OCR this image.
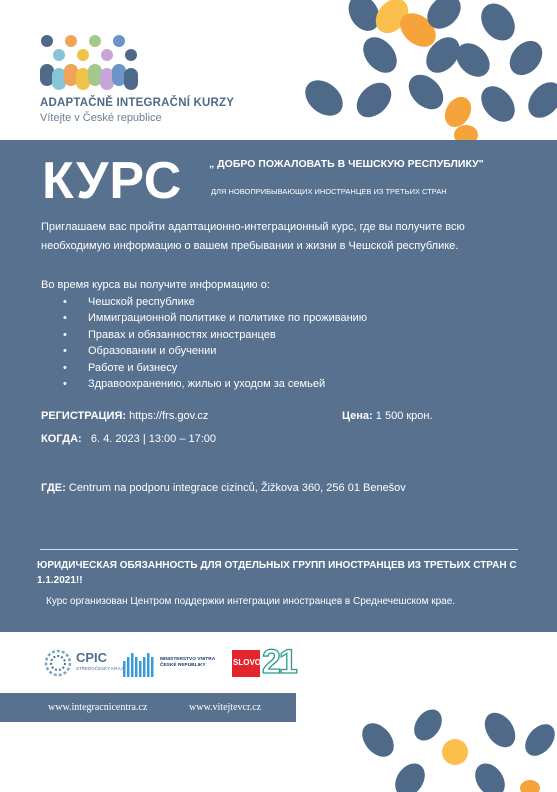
ADAPTAČNĚ INTEGRAČNÍ KURZY
Vítejte v České republice
КУРС	„ ДОБРО ПОЖАЛОВАТЬ В ЧЕШСКУЮ РЕСПУБЛИКУ"
ДЛЯ НОВОПРИБЫВАЮЩИХ ИНОСТРАНЦЕВ ИЗ ТРЕТЬИХ СТРАН
Приглашаем вас пройти адаптационно-интеграционный курс, где вы получите всю необходимую информацию о вашем пребывании и жизни в Чешской республике.
Во время курса вы получите информацию о:
• Чешской республике
• Иммиграционной политике и политике по проживанию
• Правах и обязанностях иностранцев
• Образовании и обучении
• Работе и бизнесу
• Здравоохранению, жилью и уходом за семьей
РЕГИСТРАЦИЯ: https://frs.gov.cz	Цена: 1 500 крон.
КОГДА: 6. 4. 2023 | 13:00 – 17:00
ГДЕ: Centrum na podporu integrace cizinců, Žižkova 360, 256 01 Benešov
ЮРИДИЧЕСКАЯ ОБЯЗАННОСТЬ ДЛЯ ОТДЕЛЬНЫХ ГРУПП ИНОСТРАНЦЕВ ИЗ ТРЕТЬИХ СТРАН С 1.1.2021!!
Курс организован Центром поддержки интеграции иностранцев в Среднечешском крае.
CPIC
STŘEDOČESKÝ KRAJ
MINISTERSTVO VNITRA
ČESKÉ REPUBLIKY	SLOVO 21
www.integracnicentra.cz	www.vitejtevcr.cz
